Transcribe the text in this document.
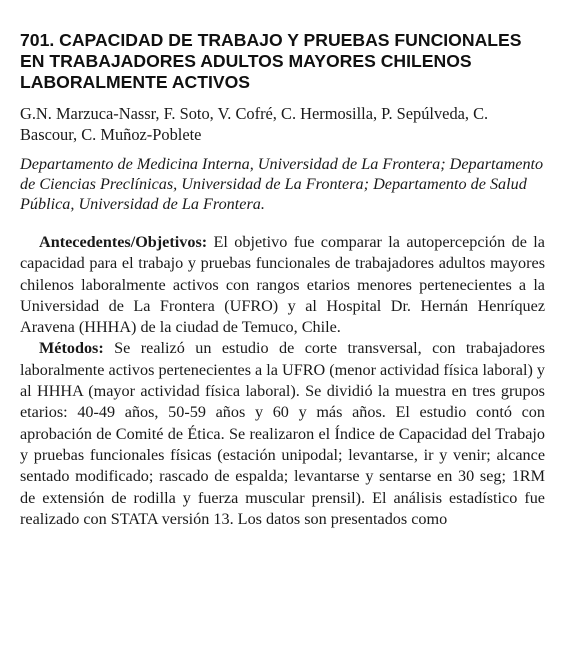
701. CAPACIDAD DE TRABAJO Y PRUEBAS FUNCIONALES EN TRABAJADORES ADULTOS MAYORES CHILENOS LABORALMENTE ACTIVOS

G.N. Marzuca-Nassr, F. Soto, V. Cofré, C. Hermosilla, P. Sepúlveda, C. Bascour, C. Muñoz-Poblete

Departamento de Medicina Interna, Universidad de La Frontera; Departamento de Ciencias Preclínicas, Universidad de La Frontera; Departamento de Salud Pública, Universidad de La Frontera.

Antecedentes/Objetivos: El objetivo fue comparar la autopercepción de la capacidad para el trabajo y pruebas funcionales de trabajadores adultos mayores chilenos laboralmente activos con rangos etarios menores pertenecientes a la Universidad de La Frontera (UFRO) y al Hospital Dr. Hernán Henríquez Aravena (HHHA) de la ciudad de Temuco, Chile.

Métodos: Se realizó un estudio de corte transversal, con trabajadores laboralmente activos pertenecientes a la UFRO (menor actividad física laboral) y al HHHA (mayor actividad física laboral). Se dividió la muestra en tres grupos etarios: 40-49 años, 50-59 años y 60 y más años. El estudio contó con aprobación de Comité de Ética. Se realizaron el Índice de Capacidad del Trabajo y pruebas funcionales físicas (estación unipodal; levantarse, ir y venir; alcance sentado modificado; rascado de espalda; levantarse y sentarse en 30 seg; 1RM de extensión de rodilla y fuerza muscular prensil). El análisis estadístico fue realizado con STATA versión 13. Los datos son presentados como
